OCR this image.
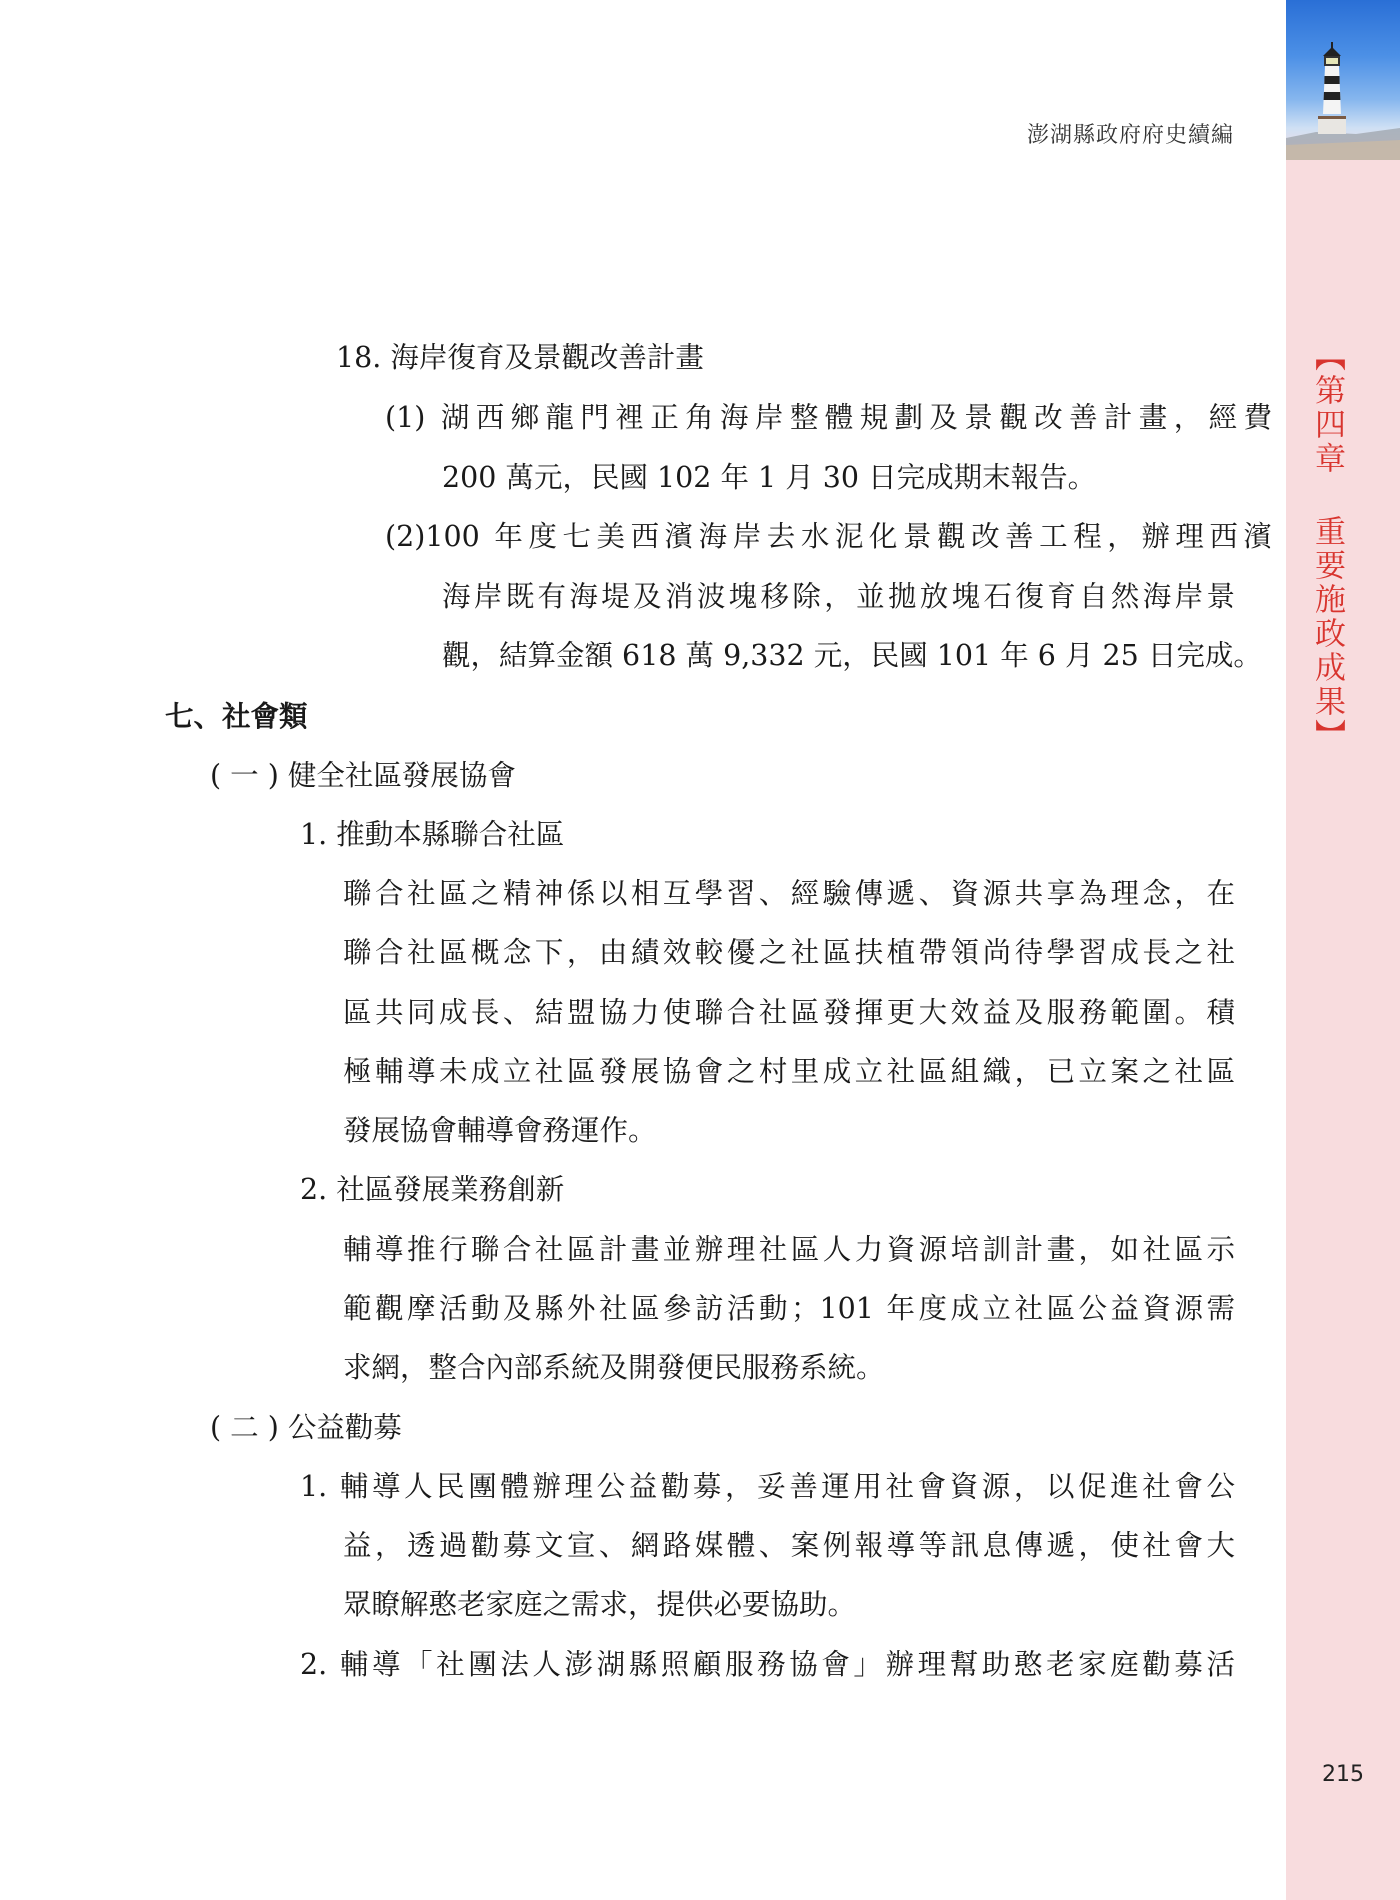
【第四章 重要施政成果】
澎湖縣政府府史續編
18. 海岸復育及景觀改善計畫
(1) 湖西鄉龍門裡正角海岸整體規劃及景觀改善計畫，經費
200 萬元，民國 102 年 1 月 30 日完成期末報告。
(2)100 年度七美西濱海岸去水泥化景觀改善工程，辦理西濱
海岸既有海堤及消波塊移除，並拋放塊石復育自然海岸景
觀，結算金額 618 萬 9,332 元，民國 101 年 6 月 25 日完成。
七、社會類
( 一 ) 健全社區發展協會
1. 推動本縣聯合社區
聯合社區之精神係以相互學習、經驗傳遞、資源共享為理念，在
聯合社區概念下，由績效較優之社區扶植帶領尚待學習成長之社
區共同成長、結盟協力使聯合社區發揮更大效益及服務範圍。積
極輔導未成立社區發展協會之村里成立社區組織，已立案之社區
發展協會輔導會務運作。
2. 社區發展業務創新
輔導推行聯合社區計畫並辦理社區人力資源培訓計畫，如社區示
範觀摩活動及縣外社區參訪活動；101 年度成立社區公益資源需
求網，整合內部系統及開發便民服務系統。
( 二 ) 公益勸募
1. 輔導人民團體辦理公益勸募，妥善運用社會資源，以促進社會公
益，透過勸募文宣、網路媒體、案例報導等訊息傳遞，使社會大
眾瞭解憨老家庭之需求，提供必要協助。
2. 輔導「社團法人澎湖縣照顧服務協會」辦理幫助憨老家庭勸募活
215
